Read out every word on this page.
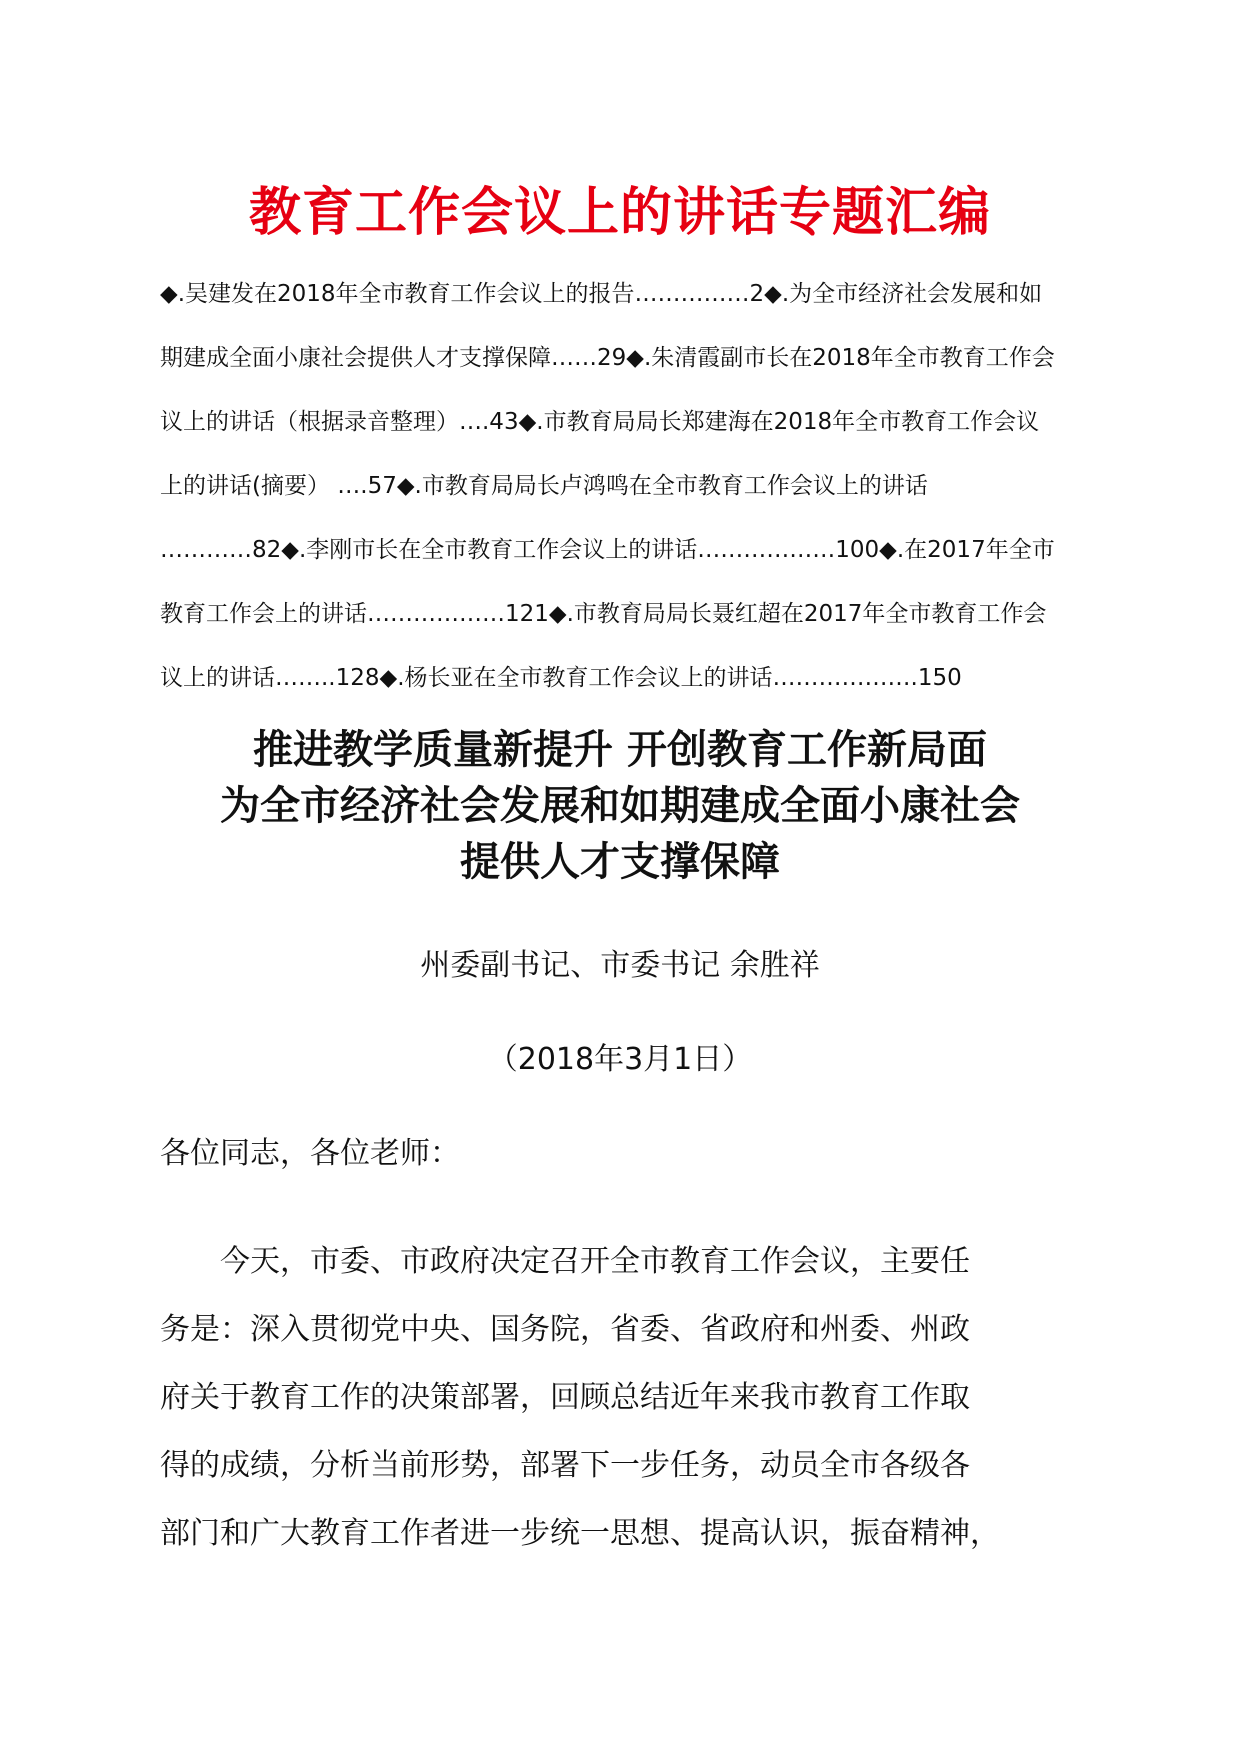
教育工作会议上的讲话专题汇编
◆.吴建发在2018年全市教育工作会议上的报告……………2◆.为全市经济社会发展和如
期建成全面小康社会提供人才支撑保障……29◆.朱清霞副市长在2018年全市教育工作会
议上的讲话（根据录音整理）….43◆.市教育局局长郑建海在2018年全市教育工作会议
上的讲话(摘要） ….57◆.市教育局局长卢鸿鸣在全市教育工作会议上的讲话
…………82◆.李刚市长在全市教育工作会议上的讲话………………100◆.在2017年全市
教育工作会上的讲话………………121◆.市教育局局长聂红超在2017年全市教育工作会
议上的讲话……..128◆.杨长亚在全市教育工作会议上的讲话……………….150
推进教学质量新提升 开创教育工作新局面
为全市经济社会发展和如期建成全面小康社会
提供人才支撑保障
州委副书记、市委书记 余胜祥
（2018年3月1日）
各位同志，各位老师：
今天，市委、市政府决定召开全市教育工作会议，主要任
务是：深入贯彻党中央、国务院，省委、省政府和州委、州政
府关于教育工作的决策部署，回顾总结近年来我市教育工作取
得的成绩，分析当前形势，部署下一步任务，动员全市各级各
部门和广大教育工作者进一步统一思想、提高认识，振奋精神，
